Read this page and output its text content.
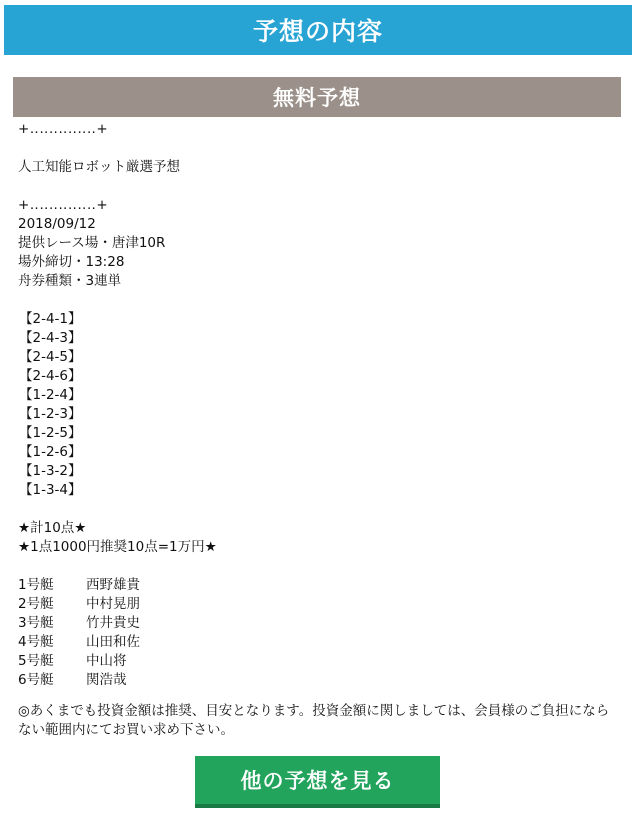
予想の内容
無料予想
+‥‥‥‥‥‥‥+
人工知能ロボット厳選予想
+‥‥‥‥‥‥‥+
2018/09/12
提供レース場・唐津10R
場外締切・13:28
舟券種類・3連単
【2-4-1】
【2-4-3】
【2-4-5】
【2-4-6】
【1-2-4】
【1-2-3】
【1-2-5】
【1-2-6】
【1-3-2】
【1-3-4】
★計10点★
★1点1000円推奨10点=1万円★
1号艇	西野雄貴
2号艇	中村晃朋
3号艇	竹井貴史
4号艇	山田和佐
5号艇	中山将
6号艇	関浩哉
◎あくまでも投資金額は推奨、目安となります。投資金額に関しましては、会員様のご負担にならない範囲内にてお買い求め下さい。
他の予想を見る
